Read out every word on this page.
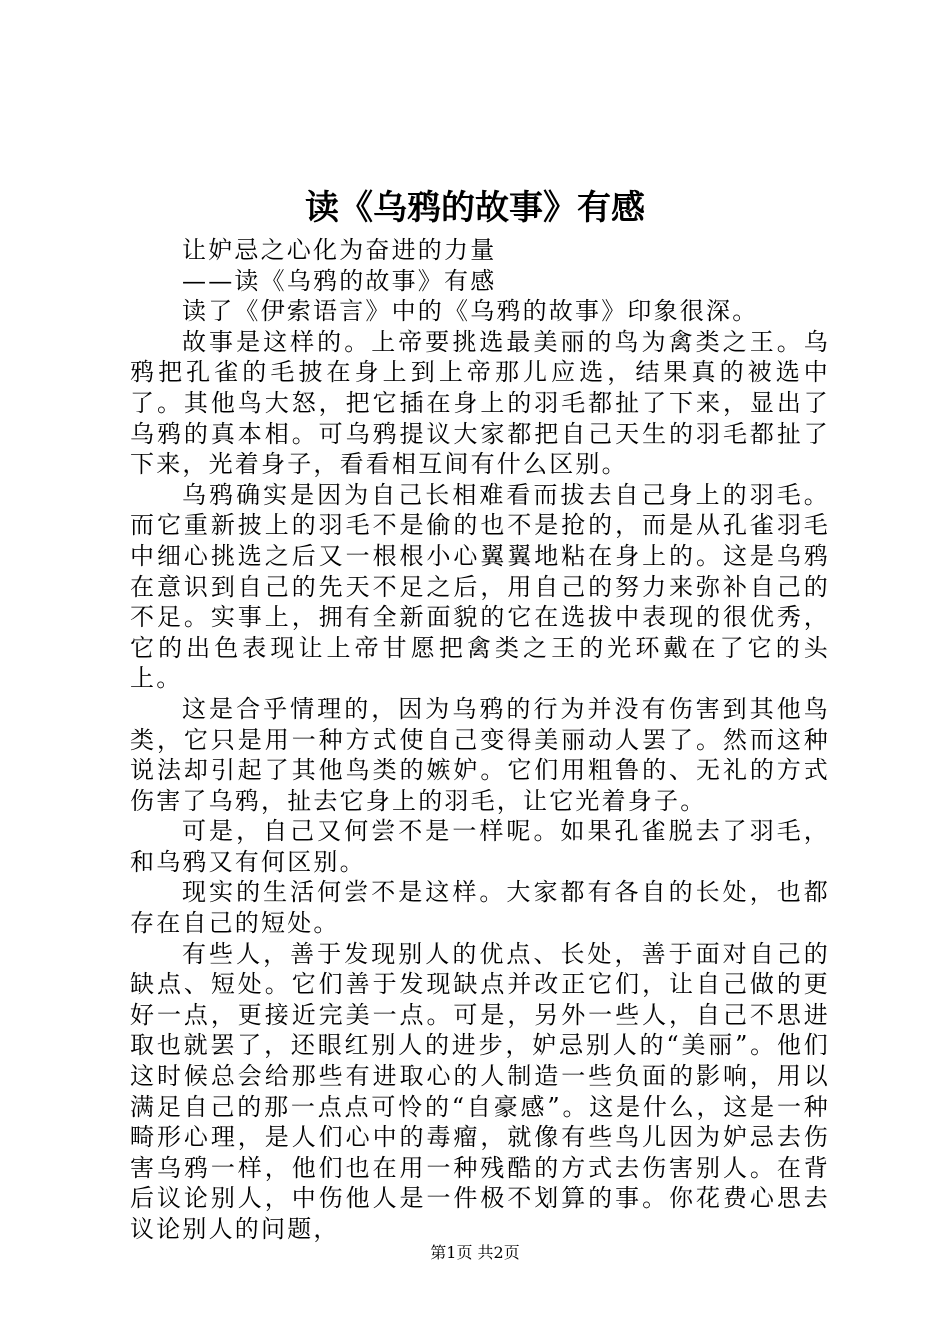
读《乌鸦的故事》有感

让妒忌之心化为奋进的力量

——读《乌鸦的故事》有感

读了《伊索语言》中的《乌鸦的故事》印象很深。

故事是这样的。上帝要挑选最美丽的鸟为禽类之王。乌鸦把孔雀的毛披在身上到上帝那儿应选，结果真的被选中了。其他鸟大怒，把它插在身上的羽毛都扯了下来，显出了乌鸦的真本相。可乌鸦提议大家都把自己天生的羽毛都扯了下来，光着身子，看看相互间有什么区别。

乌鸦确实是因为自己长相难看而拔去自己身上的羽毛。而它重新披上的羽毛不是偷的也不是抢的，而是从孔雀羽毛中细心挑选之后又一根根小心翼翼地粘在身上的。这是乌鸦在意识到自己的先天不足之后，用自己的努力来弥补自己的不足。实事上，拥有全新面貌的它在选拔中表现的很优秀，它的出色表现让上帝甘愿把禽类之王的光环戴在了它的头上。

这是合乎情理的，因为乌鸦的行为并没有伤害到其他鸟类，它只是用一种方式使自己变得美丽动人罢了。然而这种说法却引起了其他鸟类的嫉妒。它们用粗鲁的、无礼的方式伤害了乌鸦，扯去它身上的羽毛，让它光着身子。

可是，自己又何尝不是一样呢。如果孔雀脱去了羽毛，和乌鸦又有何区别。

现实的生活何尝不是这样。大家都有各自的长处，也都存在自己的短处。

有些人，善于发现别人的优点、长处，善于面对自己的缺点、短处。它们善于发现缺点并改正它们，让自己做的更好一点，更接近完美一点。可是，另外一些人，自己不思进取也就罢了，还眼红别人的进步，妒忌别人的“美丽”。他们这时候总会给那些有进取心的人制造一些负面的影响，用以满足自己的那一点点可怜的“自豪感”。这是什么，这是一种畸形心理，是人们心中的毒瘤，就像有些鸟儿因为妒忌去伤害乌鸦一样，他们也在用一种残酷的方式去伤害别人。在背后议论别人，中伤他人是一件极不划算的事。你花费心思去议论别人的问题，

第1页 共2页
